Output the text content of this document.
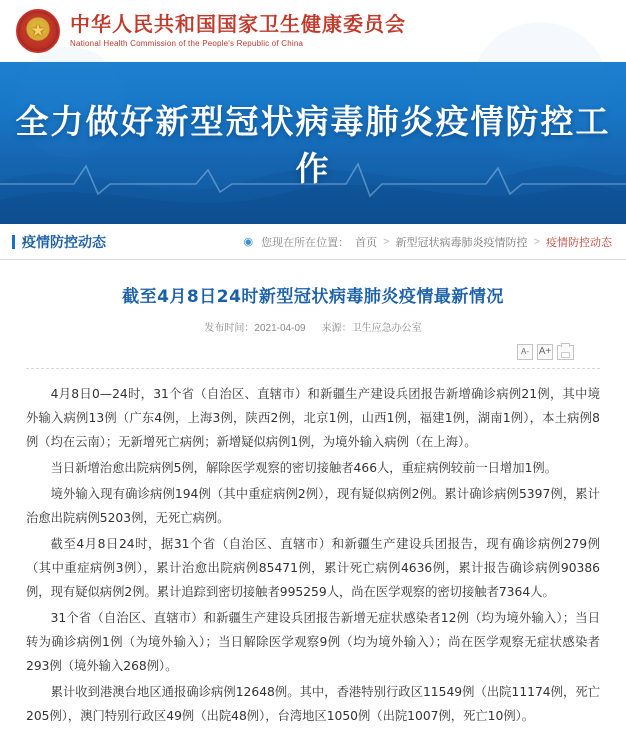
★
中华人民共和国国家卫生健康委员会
National Health Commission of the People's Republic of China
全力做好新型冠状病毒肺炎疫情防控工作
疫情防控动态	◉ 您现在所在位置： 首页 > 新型冠状病毒肺炎疫情防控 > 疫情防控动态
截至4月8日24时新型冠状病毒肺炎疫情最新情况
发布时间：2021-04-09 来源：卫生应急办公室
A- A+

4月8日0—24时，31个省（自治区、直辖市）和新疆生产建设兵团报告新增确诊病例21例，其中境外输入病例13例（广东4例，上海3例，陕西2例，北京1例，山西1例，福建1例，湖南1例），本土病例8例（均在云南）；无新增死亡病例；新增疑似病例1例，为境外输入病例（在上海）。

当日新增治愈出院病例5例，解除医学观察的密切接触者466人，重症病例较前一日增加1例。

境外输入现有确诊病例194例（其中重症病例2例），现有疑似病例2例。累计确诊病例5397例，累计治愈出院病例5203例，无死亡病例。

截至4月8日24时，据31个省（自治区、直辖市）和新疆生产建设兵团报告，现有确诊病例279例（其中重症病例3例），累计治愈出院病例85471例，累计死亡病例4636例，累计报告确诊病例90386例，现有疑似病例2例。累计追踪到密切接触者995259人，尚在医学观察的密切接触者7364人。

31个省（自治区、直辖市）和新疆生产建设兵团报告新增无症状感染者12例（均为境外输入）；当日转为确诊病例1例（为境外输入）；当日解除医学观察9例（均为境外输入）；尚在医学观察无症状感染者293例（境外输入268例）。

累计收到港澳台地区通报确诊病例12648例。其中，香港特别行政区11549例（出院11174例，死亡205例），澳门特别行政区49例（出院48例），台湾地区1050例（出院1007例，死亡10例）。
